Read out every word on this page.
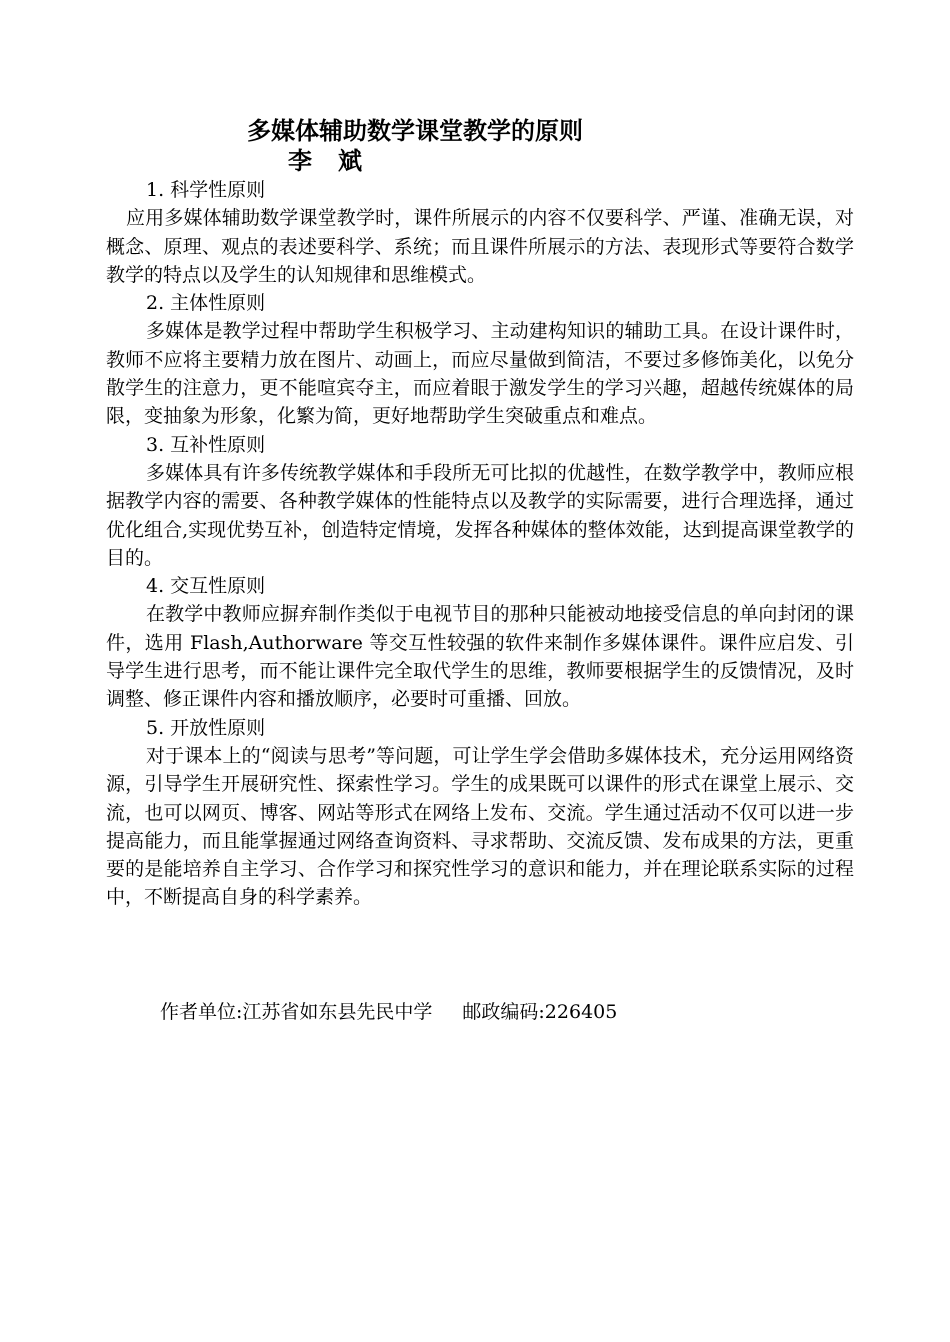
多媒体辅助数学课堂教学的原则
李斌

1. 科学性原则

应用多媒体辅助数学课堂教学时，课件所展示的内容不仅要科学、严谨、准确无误，对概念、原理、观点的表述要科学、系统；而且课件所展示的方法、表现形式等要符合数学教学的特点以及学生的认知规律和思维模式。

2. 主体性原则

多媒体是教学过程中帮助学生积极学习、主动建构知识的辅助工具。在设计课件时，教师不应将主要精力放在图片、动画上，而应尽量做到简洁，不要过多修饰美化，以免分散学生的注意力，更不能喧宾夺主，而应着眼于激发学生的学习兴趣，超越传统媒体的局限，变抽象为形象，化繁为简，更好地帮助学生突破重点和难点。

3. 互补性原则

多媒体具有许多传统教学媒体和手段所无可比拟的优越性，在数学教学中，教师应根据教学内容的需要、各种教学媒体的性能特点以及教学的实际需要，进行合理选择，通过优化组合,实现优势互补，创造特定情境，发挥各种媒体的整体效能，达到提高课堂教学的目的。

4. 交互性原则

在教学中教师应摒弃制作类似于电视节目的那种只能被动地接受信息的单向封闭的课件，选用 Flash,Authorware 等交互性较强的软件来制作多媒体课件。课件应启发、引导学生进行思考，而不能让课件完全取代学生的思维，教师要根据学生的反馈情况，及时调整、修正课件内容和播放顺序，必要时可重播、回放。

5. 开放性原则

对于课本上的“阅读与思考”等问题，可让学生学会借助多媒体技术，充分运用网络资源，引导学生开展研究性、探索性学习。学生的成果既可以课件的形式在课堂上展示、交流，也可以网页、博客、网站等形式在网络上发布、交流。学生通过活动不仅可以进一步提高能力，而且能掌握通过网络查询资料、寻求帮助、交流反馈、发布成果的方法，更重要的是能培养自主学习、合作学习和探究性学习的意识和能力，并在理论联系实际的过程中，不断提高自身的科学素养。

作者单位:江苏省如东县先民中学 邮政编码:226405
